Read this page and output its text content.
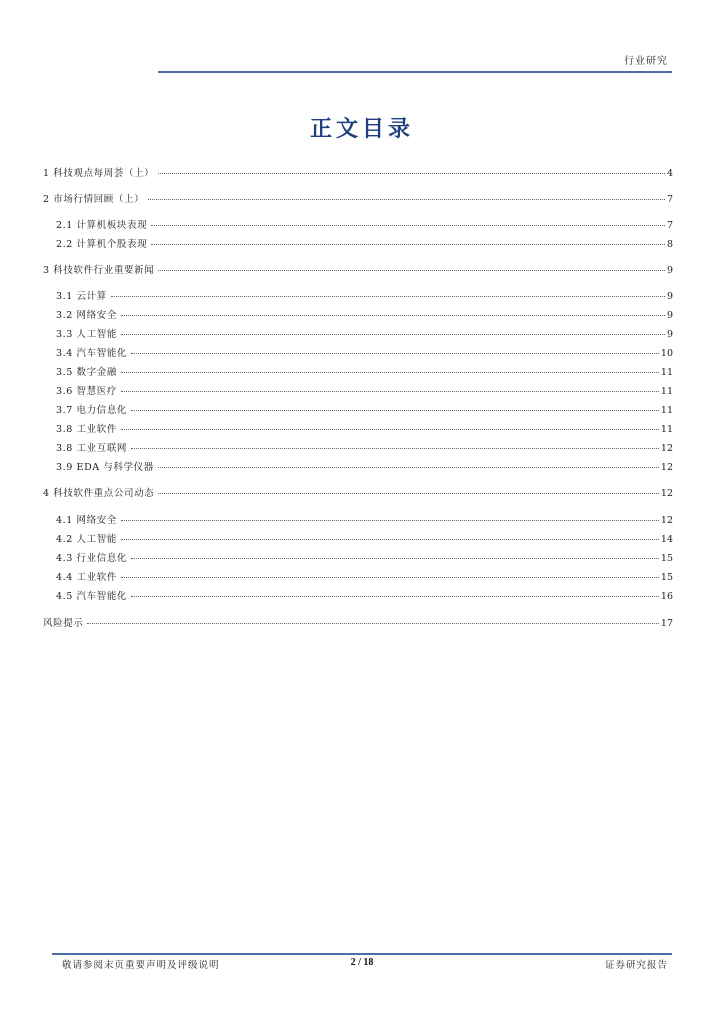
行业研究
正文目录
1 科技观点每周荟（上）	4
2 市场行情回顾（上）	7
2.1 计算机板块表现	7
2.2 计算机个股表现	8
3 科技软件行业重要新闻	9
3.1 云计算	9
3.2 网络安全	9
3.3 人工智能	9
3.4 汽车智能化	10
3.5 数字金融	11
3.6 智慧医疗	11
3.7 电力信息化	11
3.8 工业软件	11
3.8 工业互联网	12
3.9 EDA 与科学仪器	12
4 科技软件重点公司动态	12
4.1 网络安全	12
4.2 人工智能	14
4.3 行业信息化	15
4.4 工业软件	15
4.5 汽车智能化	16
风险提示	17
敬请参阅末页重要声明及评级说明	2 / 18	证券研究报告
